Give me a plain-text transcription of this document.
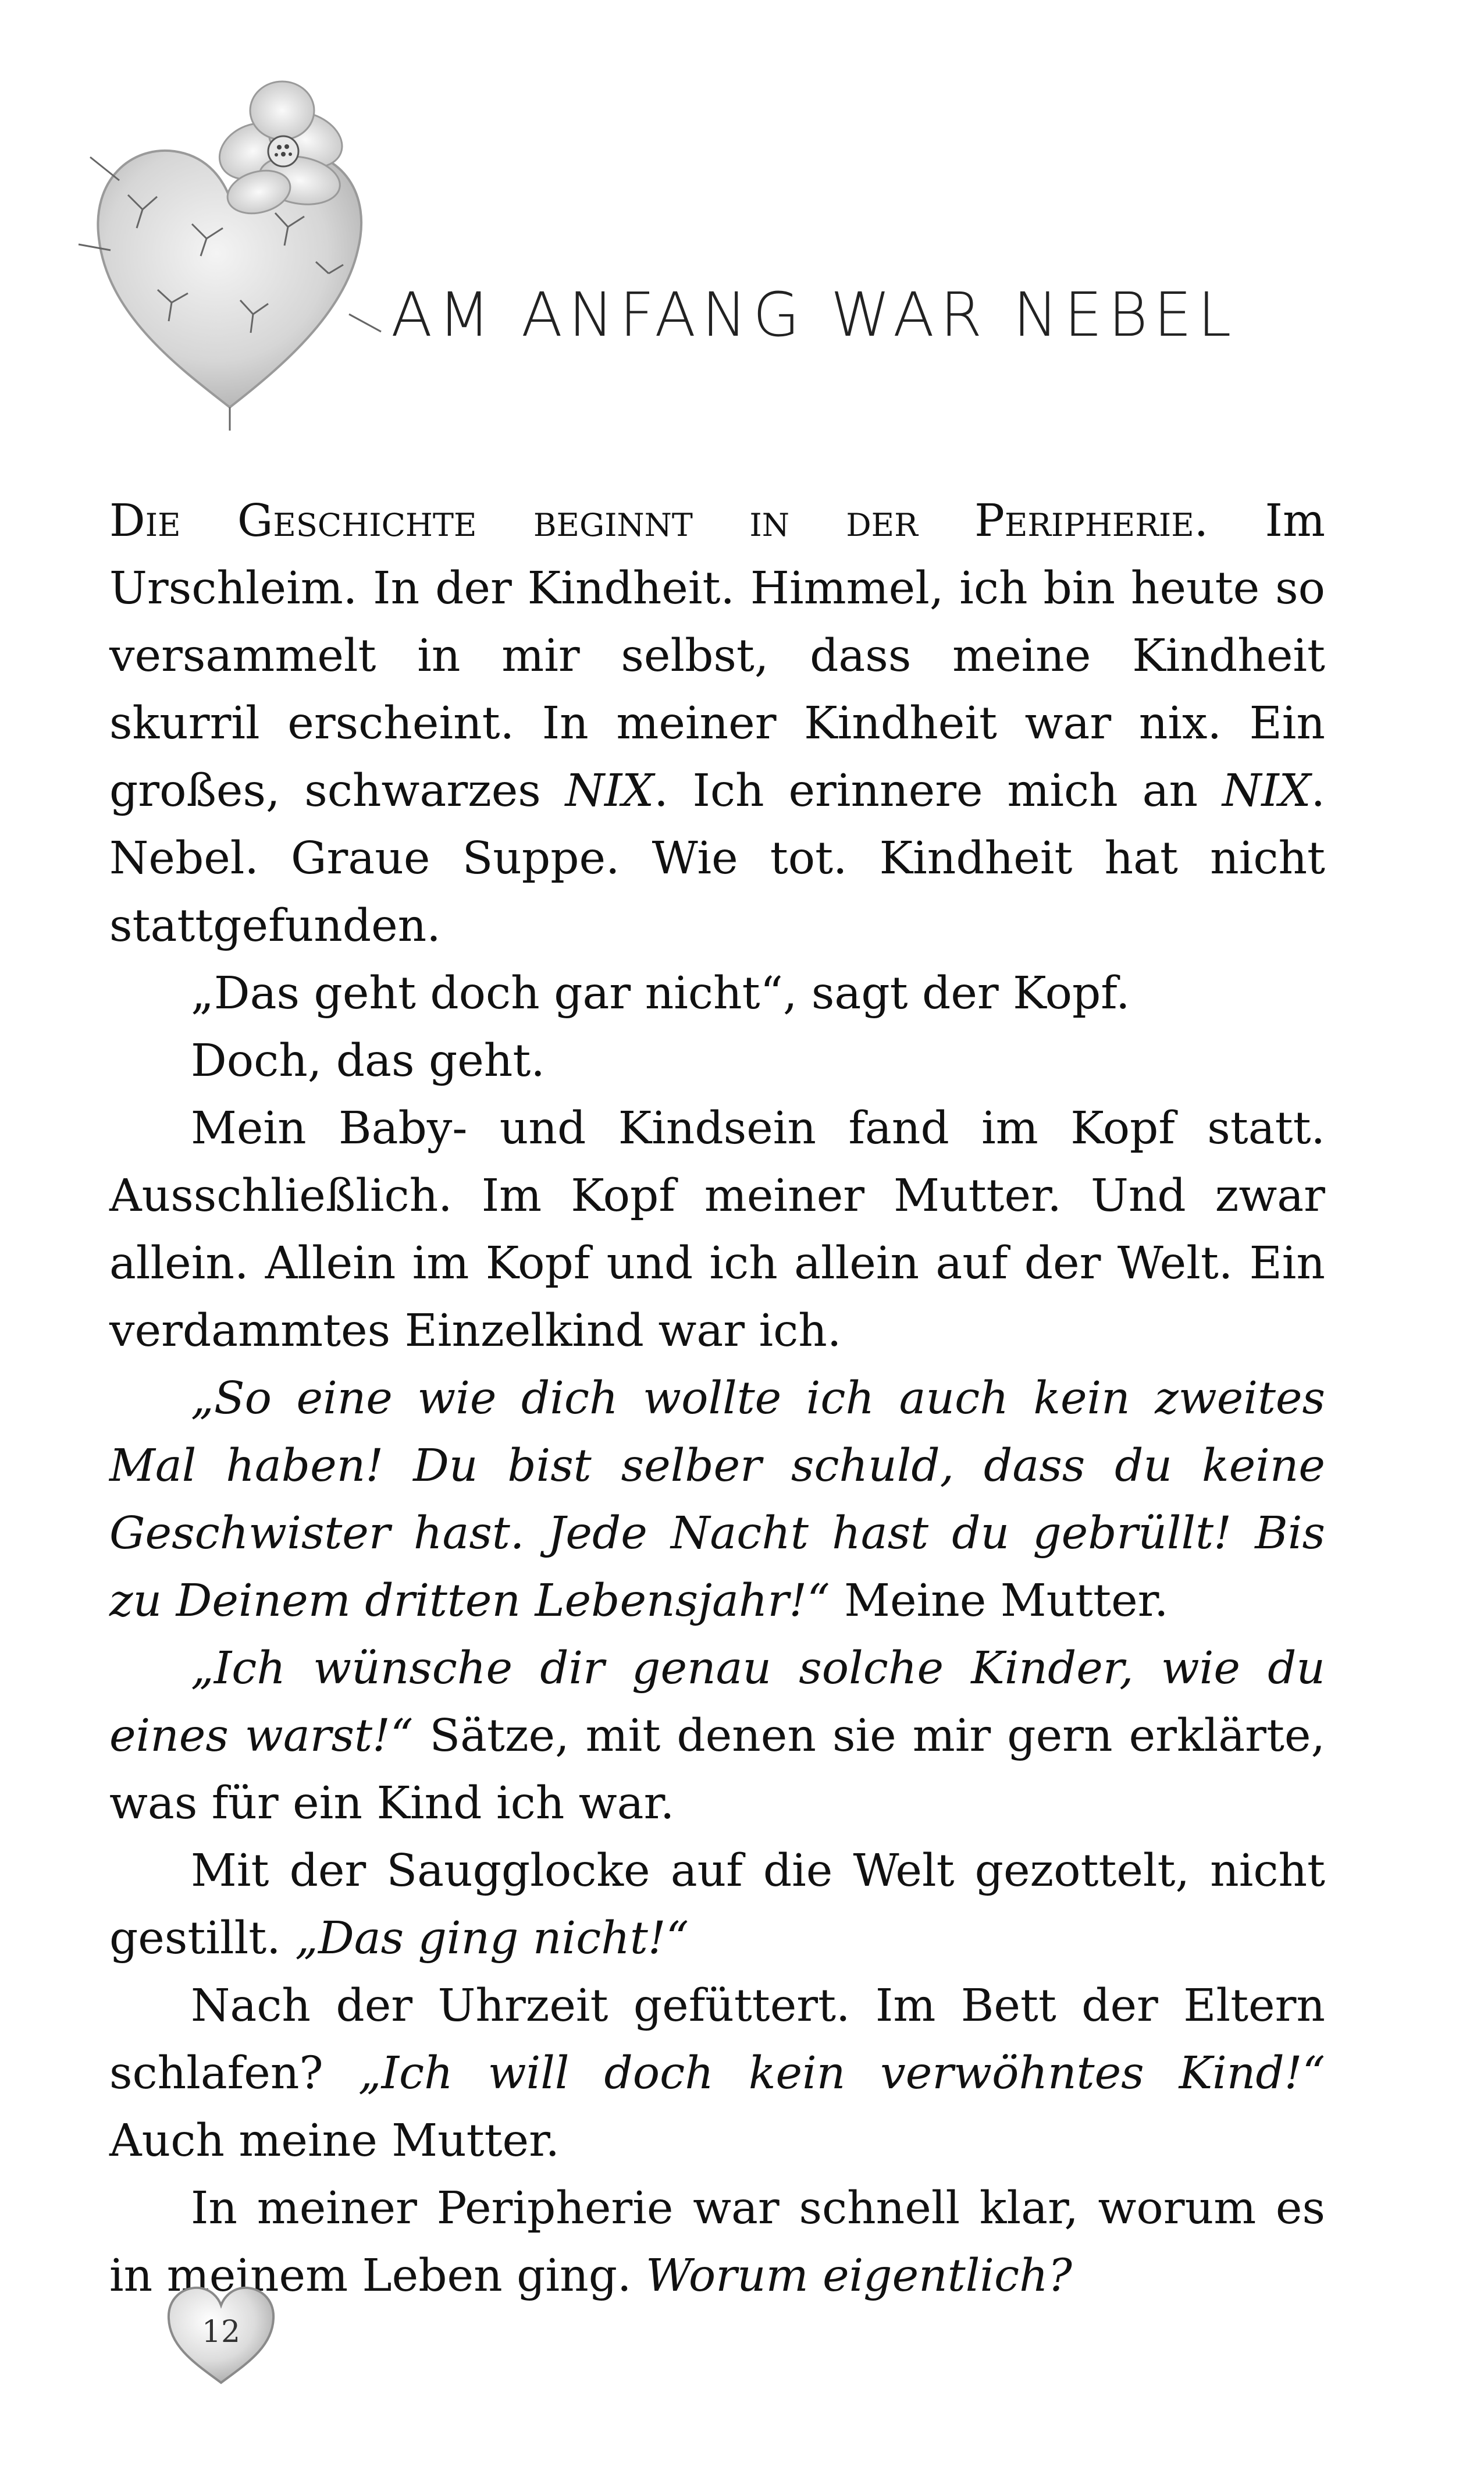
AM ANFANG WAR NEBEL

Die Geschichte beginnt in der Peripherie. Im Urschleim. In der Kindheit. Himmel, ich bin heute so versammelt in mir selbst, dass meine Kindheit skurril erscheint. In meiner Kindheit war nix. Ein großes, schwarzes NIX. Ich erinnere mich an NIX. Nebel. Graue Suppe. Wie tot. Kindheit hat nicht stattgefunden.

„Das geht doch gar nicht“, sagt der Kopf.

Doch, das geht.

Mein Baby- und Kindsein fand im Kopf statt. Ausschließlich. Im Kopf meiner Mutter. Und zwar allein. Allein im Kopf und ich allein auf der Welt. Ein verdammtes Einzelkind war ich.

„So eine wie dich wollte ich auch kein zweites Mal haben! Du bist selber schuld, dass du keine Geschwister hast. Jede Nacht hast du gebrüllt! Bis zu Deinem dritten Lebensjahr!“ Meine Mutter.

„Ich wünsche dir genau solche Kinder, wie du eines warst!“ Sätze, mit denen sie mir gern erklärte, was für ein Kind ich war.

Mit der Saugglocke auf die Welt gezottelt, nicht gestillt. „Das ging nicht!“

Nach der Uhrzeit gefüttert. Im Bett der Eltern schlafen? „Ich will doch kein verwöhntes Kind!“ Auch meine Mutter.

In meiner Peripherie war schnell klar, worum es in meinem Leben ging. Worum eigentlich?

12
